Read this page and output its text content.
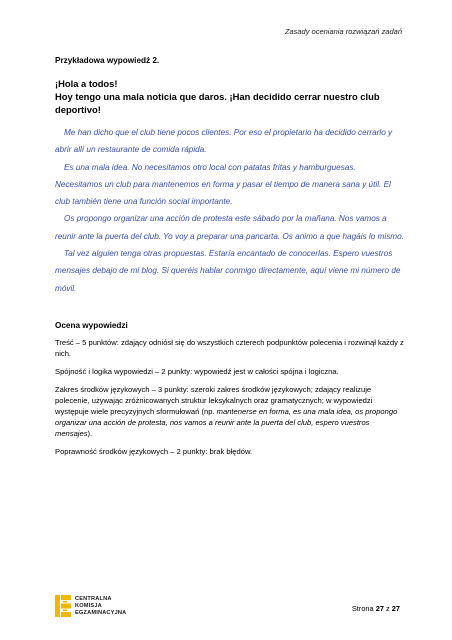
Zasady oceniania rozwiązań zadań
Przykładowa wypowiedź 2.
¡Hola a todos!
Hoy tengo una mala noticia que daros. ¡Han decidido cerrar nuestro club deportivo!

Me han dicho que el club tiene pocos clientes. Por eso el propietario ha decidido cerrarlo y abrir allí un restaurante de comida rápida.

Es una mala idea. No necesitamos otro local con patatas fritas y hamburguesas. Necesitamos un club para mantenemos en forma y pasar el tiempo de manera sana y útil. El club también tiene una función social importante.

Os propongo organizar una acción de protesta este sábado por la mañana. Nos vamos a reunir ante la puerta del club. Yo voy a preparar una pancarta. Os animo a que hagáis lo mismo.

Tal vez alguien tenga otras propuestas. Estaría encantado de conocerlas. Espero vuestros mensajes debajo de mi blog. Si queréis hablar conmigo directamente, aquí viene mi número de móvil.

Ocena wypowiedzi

Treść – 5 punktów: zdający odniósł się do wszystkich czterech podpunktów polecenia i rozwinął każdy z nich.

Spójność i logika wypowiedzi – 2 punkty: wypowiedź jest w całości spójna i logiczna.

Zakres środków językowych – 3 punkty: szeroki zakres środków językowych; zdający realizuje polecenie, używając zróżnicowanych struktur leksykalnych oraz gramatycznych; w wypowiedzi występuje wiele precyzyjnych sformułowań (np. mantenerse en forma, es una mala idea, os propongo organizar una acción de protesta, nos vamos a reunir ante la puerta del club, espero vuestros mensajes).

Poprawność środków językowych – 2 punkty: brak błędów.

CENTRALNA
KOMISJA
EGZAMINACYJNA	Strona 27 z 27
